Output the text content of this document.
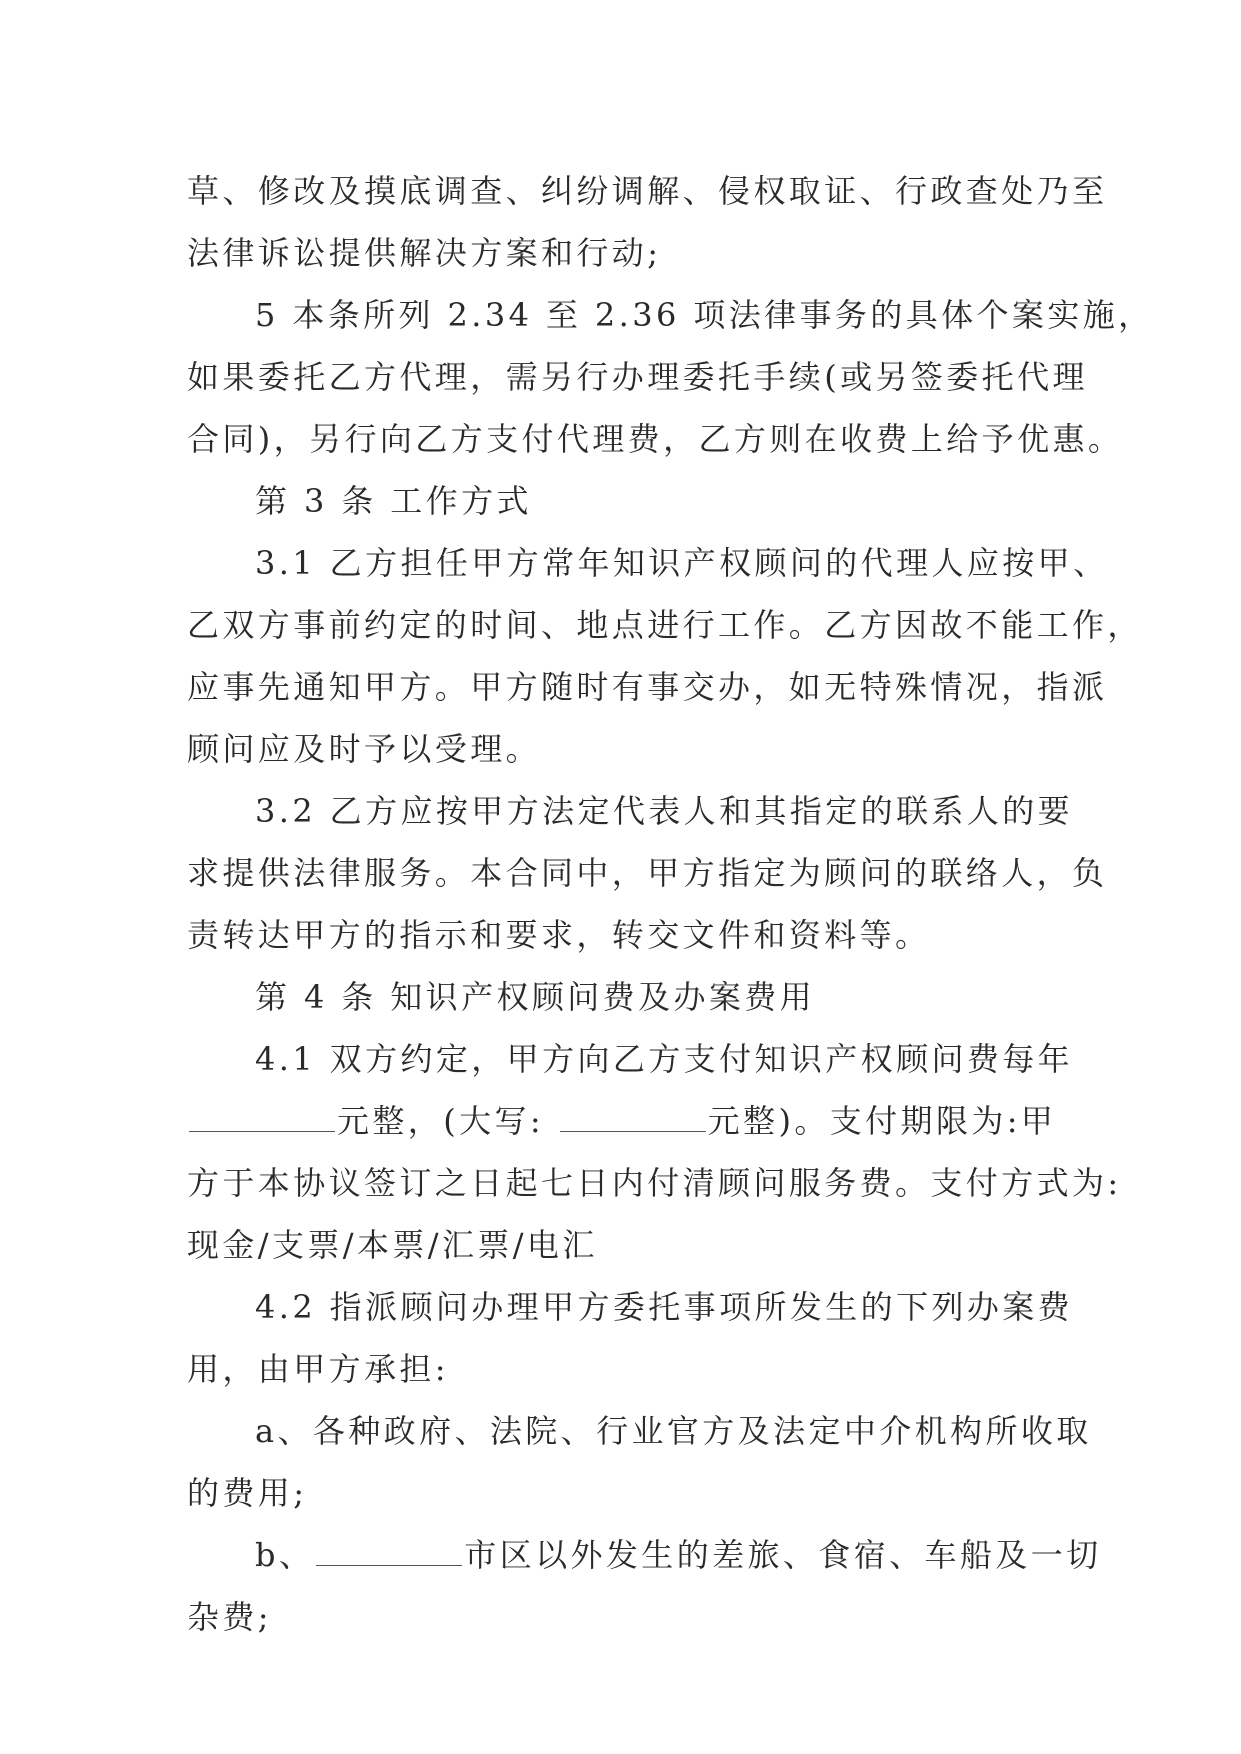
草、修改及摸底调查、纠纷调解、侵权取证、行政查处乃至
法律诉讼提供解决方案和行动;
5 本条所列 2.34 至 2.36 项法律事务的具体个案实施，
如果委托乙方代理，需另行办理委托手续(或另签委托代理
合同)，另行向乙方支付代理费，乙方则在收费上给予优惠。
第 3 条 工作方式
3.1 乙方担任甲方常年知识产权顾问的代理人应按甲、
乙双方事前约定的时间、地点进行工作。乙方因故不能工作，
应事先通知甲方。甲方随时有事交办，如无特殊情况，指派
顾问应及时予以受理。
3.2 乙方应按甲方法定代表人和其指定的联系人的要
求提供法律服务。本合同中，甲方指定为顾问的联络人，负
责转达甲方的指示和要求，转交文件和资料等。
第 4 条 知识产权顾问费及办案费用
4.1 双方约定，甲方向乙方支付知识产权顾问费每年
元整，(大写:	元整)。支付期限为:甲
方于本协议签订之日起七日内付清顾问服务费。支付方式为:
现金/支票/本票/汇票/电汇
4.2 指派顾问办理甲方委托事项所发生的下列办案费
用，由甲方承担:
a、各种政府、法院、行业官方及法定中介机构所收取
的费用;
b、	市区以外发生的差旅、食宿、车船及一切
杂费;
